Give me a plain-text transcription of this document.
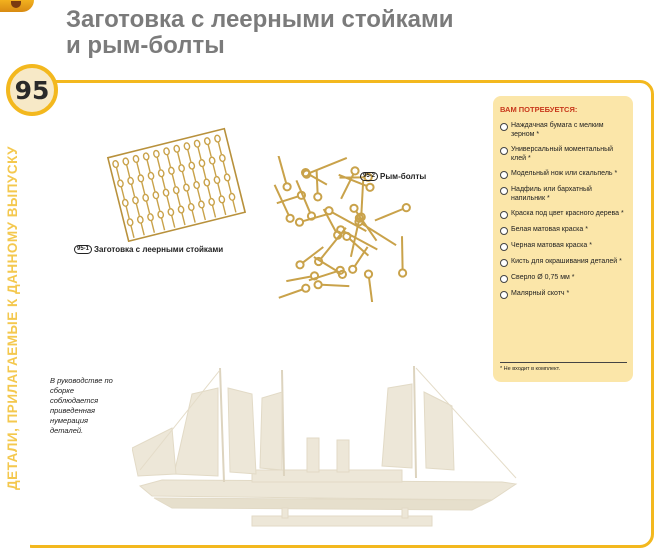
Заготовка с леерными стойками
и рым-болты
ДЕТАЛИ, ПРИЛАГАЕМЫЕ К ДАННОМУ ВЫПУСКУ
95
95-1 Заготовка с леерными стойками
95-2 Рым-болты
ВАМ ПОТРЕБУЕТСЯ:
Наждачная бумага с мелким зерном *
Универсальный моментальный клей *
Модельный нож или скальпель *
Надфиль или бархатный напильник *
Краска под цвет красного дерева *
Белая матовая краска *
Черная матовая краска *
Кисть для окрашивания деталей *
Сверло Ø 0,75 мм *
Малярный скотч *
* Не входит в комплект.
В руководстве по сборке соблюдается приведенная нумерация деталей.
